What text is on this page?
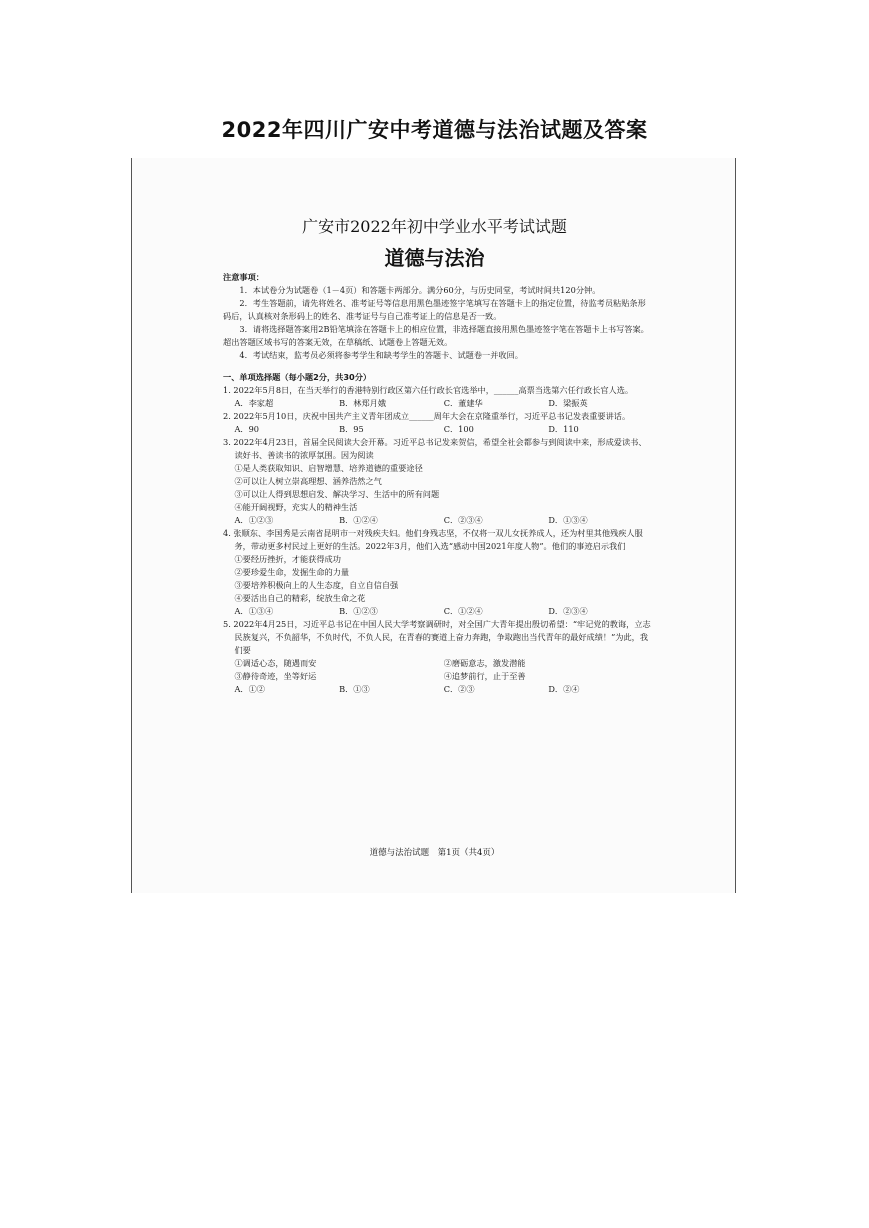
2022年四川广安中考道德与法治试题及答案
广安市2022年初中学业水平考试试题
道德与法治
注意事项：

1．本试卷分为试题卷（1－4页）和答题卡两部分。满分60分，与历史同堂，考试时间共120分钟。

2．考生答题前，请先将姓名、准考证号等信息用黑色墨迹签字笔填写在答题卡上的指定位置，待监考员粘贴条形码后，认真核对条形码上的姓名、准考证号与自己准考证上的信息是否一致。

3．请将选择题答案用2B铅笔填涂在答题卡上的相应位置，非选择题直接用黑色墨迹签字笔在答题卡上书写答案。超出答题区域书写的答案无效，在草稿纸、试题卷上答题无效。

4．考试结束，监考员必须将参考学生和缺考学生的答题卡、试题卷一并收回。

一、单项选择题（每小题2分，共30分）
1. 2022年5月8日，在当天举行的香港特别行政区第六任行政长官选举中，______高票当选第六任行政长官人选。
A．李家超	B．林郑月娥	C．董建华	D．梁振英
2. 2022年5月10日，庆祝中国共产主义青年团成立______周年大会在京隆重举行，习近平总书记发表重要讲话。
A．90	B．95	C．100	D．110
3. 2022年4月23日，首届全民阅读大会开幕。习近平总书记发来贺信，希望全社会都参与到阅读中来，形成爱读书、读好书、善读书的浓厚氛围。因为阅读
①是人类获取知识、启智增慧、培养道德的重要途径
②可以让人树立崇高理想、涵养浩然之气
③可以让人得到思想启发、解决学习、生活中的所有问题
④能开阔视野，充实人的精神生活
A．①②③	B．①②④	C．②③④	D．①③④
4. 张顺东、李国秀是云南省昆明市一对残疾夫妇。他们身残志坚，不仅将一双儿女抚养成人，还为村里其他残疾人服务，带动更多村民过上更好的生活。2022年3月，他们入选“感动中国2021年度人物”。他们的事迹启示我们
①要经历挫折，才能获得成功
②要珍爱生命，发掘生命的力量
③要培养积极向上的人生态度，自立自信自强
④要活出自己的精彩，绽放生命之花
A．①③④	B．①②③	C．①②④	D．②③④
5. 2022年4月25日，习近平总书记在中国人民大学考察调研时，对全国广大青年提出殷切希望：“牢记党的教诲，立志民族复兴，不负韶华，不负时代，不负人民，在青春的赛道上奋力奔跑，争取跑出当代青年的最好成绩！”为此，我们要
①调适心态，随遇而安	②磨砺意志，激发潜能
③静待奇迹，坐等好运	④追梦前行，止于至善
A．①②	B．①③	C．②③	D．②④
道德与法治试题　第1页（共4页）
